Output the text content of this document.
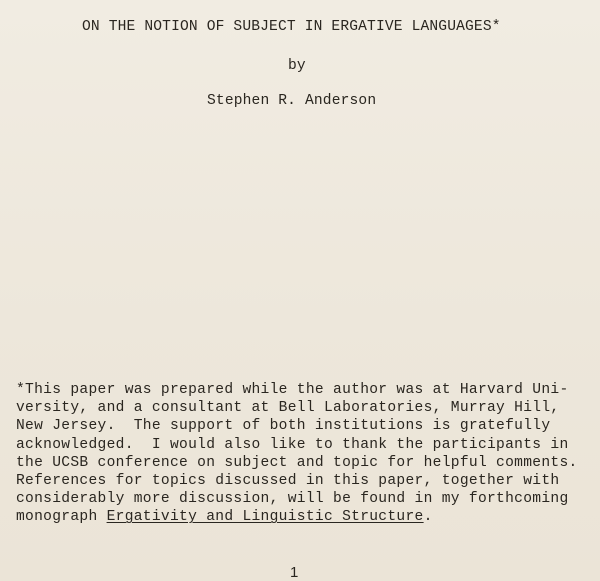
ON THE NOTION OF SUBJECT IN ERGATIVE LANGUAGES*
by
Stephen R. Anderson
*This paper was prepared while the author was at Harvard Uni-
versity, and a consultant at Bell Laboratories, Murray Hill,
New Jersey.  The support of both institutions is gratefully
acknowledged.  I would also like to thank the participants in
the UCSB conference on subject and topic for helpful comments.
References for topics discussed in this paper, together with
considerably more discussion, will be found in my forthcoming
monograph Ergativity and Linguistic Structure.
1
